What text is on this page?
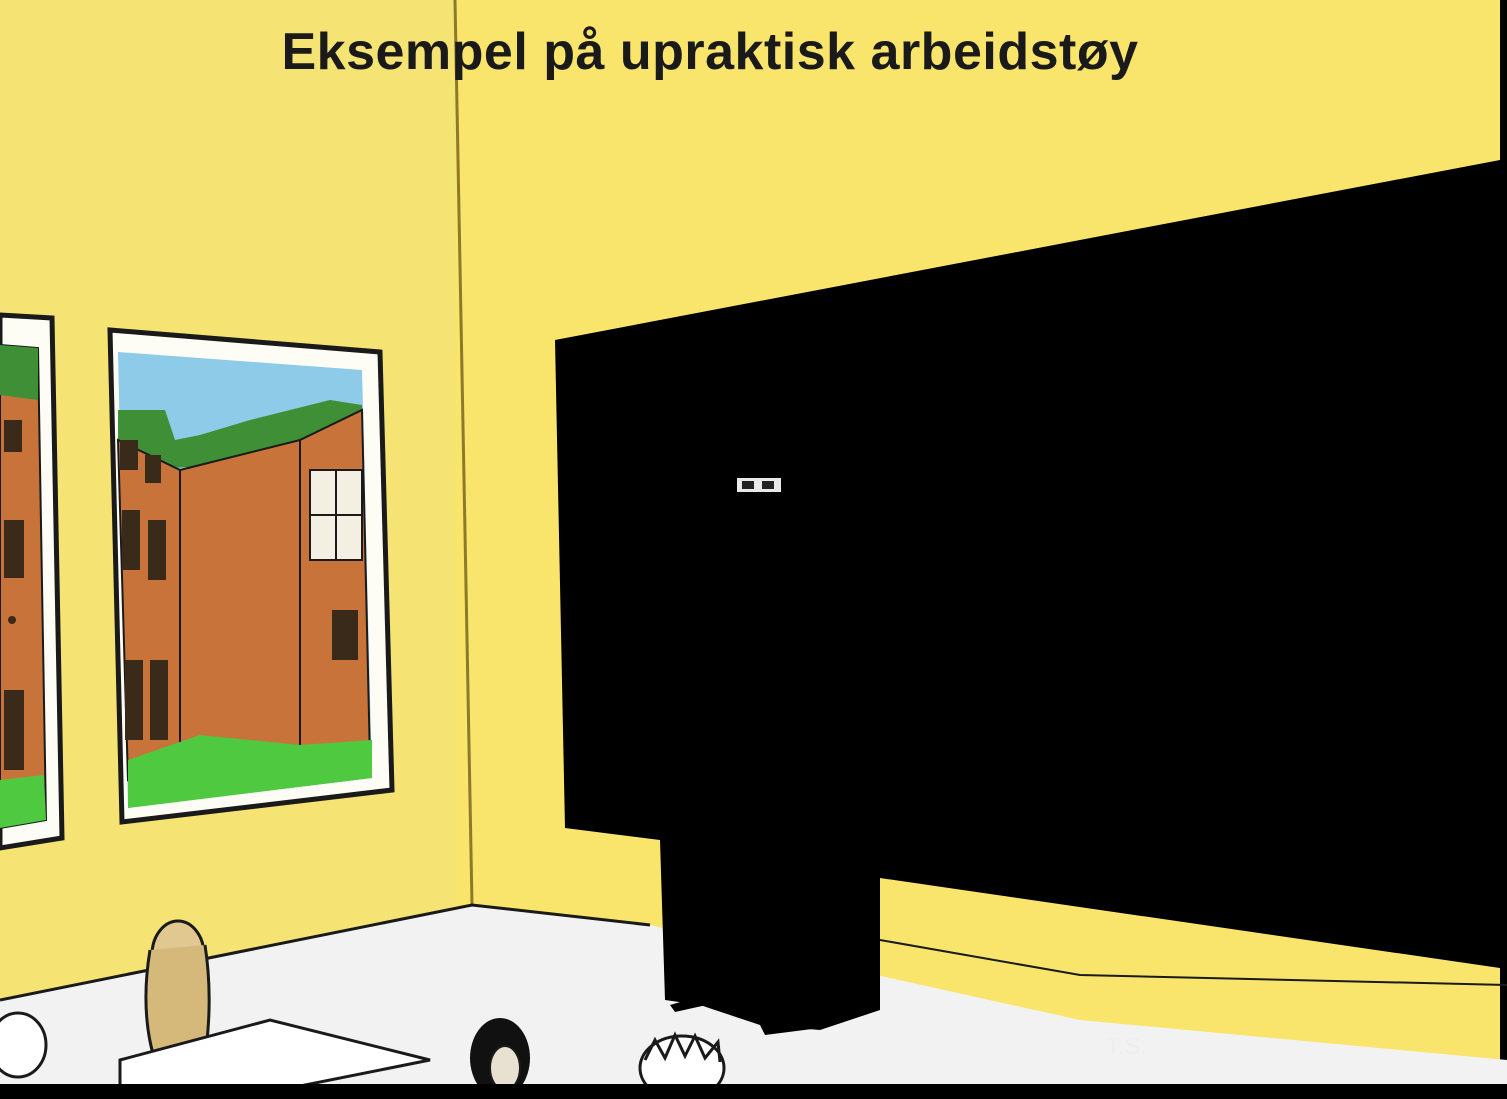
Eksempel på upraktisk arbeidstøy
T.S.
